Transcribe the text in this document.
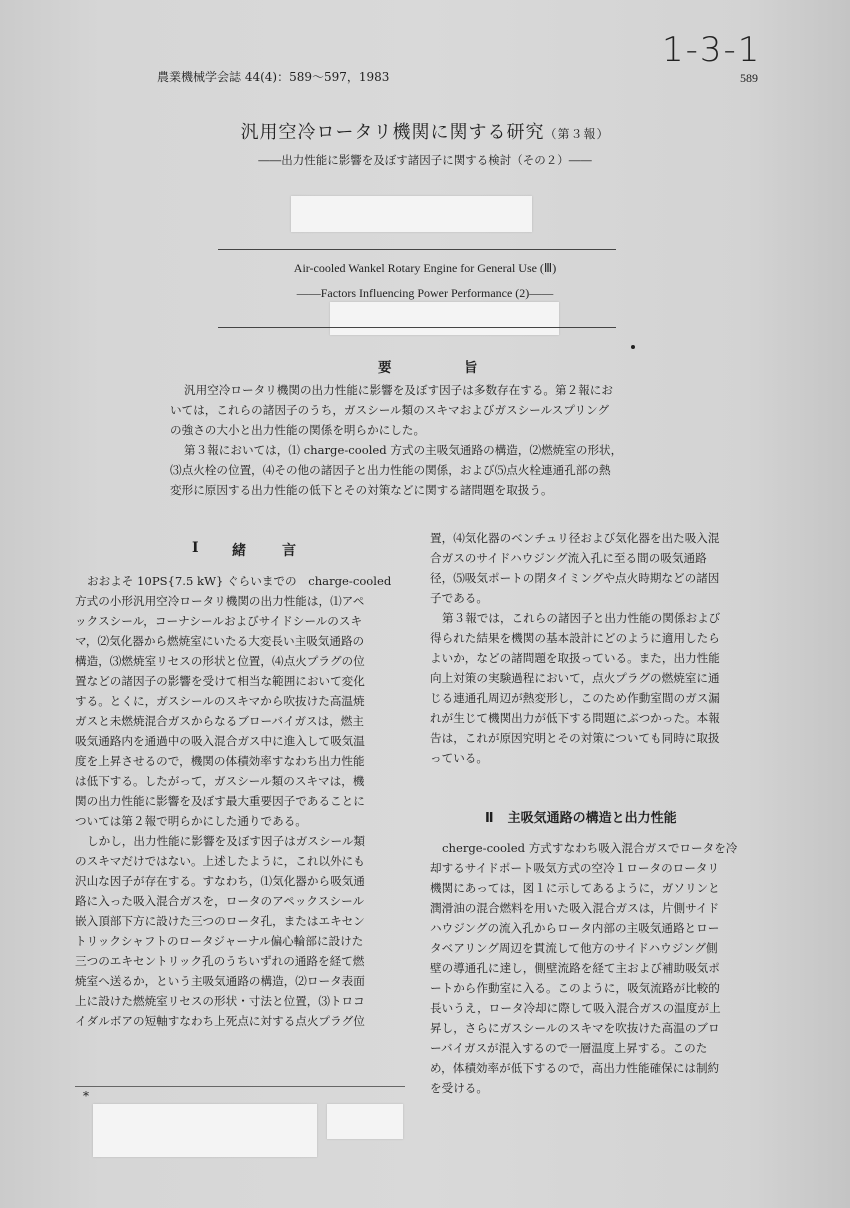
1-3-1
農業機械学会誌 44(4)：589〜597，1983	589
汎用空冷ロータリ機関に関する研究（第３報）
――出力性能に影響を及ぼす諸因子に関する検討（その２）――
Air-cooled Wankel Rotary Engine for General Use (Ⅲ)
――Factors Influencing Power Performance (2)――
要	旨

汎用空冷ロータリ機関の出力性能に影響を及ぼす因子は多数存在する。第２報にお

いては，これらの諸因子のうち，ガスシール類のスキマおよびガスシールスプリング

の強さの大小と出力性能の関係を明らかにした。

第３報においては，⑴ charge-cooled 方式の主吸気通路の構造，⑵燃焼室の形状，

⑶点火栓の位置，⑷その他の諸因子と出力性能の関係，および⑸点火栓連通孔部の熱

変形に原因する出力性能の低下とその対策などに関する諸問題を取扱う。

Ⅰ 緒	言

おおよそ 10PS{7.5 kW} ぐらいまでの　charge-cooled

方式の小形汎用空冷ロータリ機関の出力性能は，⑴アペ

ックスシール，コーナシールおよびサイドシールのスキ

マ，⑵気化器から燃焼室にいたる大変長い主吸気通路の

構造，⑶燃焼室リセスの形状と位置，⑷点火プラグの位

置などの諸因子の影響を受けて相当な範囲において変化

する。とくに，ガスシールのスキマから吹抜けた高温焼

ガスと未燃焼混合ガスからなるブローバイガスは，燃主

吸気通路内を通過中の吸入混合ガス中に進入して吸気温

度を上昇させるので，機関の体積効率すなわち出力性能

は低下する。したがって，ガスシール類のスキマは，機

関の出力性能に影響を及ぼす最大重要因子であることに

ついては第２報で明らかにした通りである。

しかし，出力性能に影響を及ぼす因子はガスシール類

のスキマだけではない。上述したように，これ以外にも

沢山な因子が存在する。すなわち，⑴気化器から吸気通

路に入った吸入混合ガスを，ロータのアペックスシール

嵌入頂部下方に設けた三つのロータ孔，またはエキセン

トリックシャフトのロータジャーナル偏心輪部に設けた

三つのエキセントリック孔のうちいずれの通路を経て燃

焼室へ送るか，という主吸気通路の構造，⑵ロータ表面

上に設けた燃焼室リセスの形状・寸法と位置，⑶トロコ

イダルボアの短軸すなわち上死点に対する点火プラグ位

置，⑷気化器のベンチュリ径および気化器を出た吸入混

合ガスのサイドハウジング流入孔に至る間の吸気通路

径，⑸吸気ポートの閉タイミングや点火時期などの諸因

子である。

第３報では，これらの諸因子と出力性能の関係および

得られた結果を機関の基本設計にどのように適用したら

よいか，などの諸問題を取扱っている。また，出力性能

向上対策の実験過程において，点火プラグの燃焼室に通

じる連通孔周辺が熱変形し，このため作動室間のガス漏

れが生じて機関出力が低下する問題にぶつかった。本報

告は，これが原因究明とその対策についても同時に取扱

っている。

Ⅱ 主吸気通路の構造と出力性能

cherge-cooled 方式すなわち吸入混合ガスでロータを冷

却するサイドポート吸気方式の空冷１ロータのロータリ

機関にあっては，図１に示してあるように，ガソリンと

潤滑油の混合燃料を用いた吸入混合ガスは，片側サイド

ハウジングの流入孔からロータ内部の主吸気通路とロー

タベアリング周辺を貫流して他方のサイドハウジング側

壁の導通孔に達し，側壁流路を経て主および補助吸気ポ

ートから作動室に入る。このように，吸気流路が比較的

長いうえ，ロータ冷却に際して吸入混合ガスの温度が上

昇し，さらにガスシールのスキマを吹抜けた高温のブロ

ーバイガスが混入するので一層温度上昇する。このた

め，体積効率が低下するので，高出力性能確保には制約

を受ける。

*
